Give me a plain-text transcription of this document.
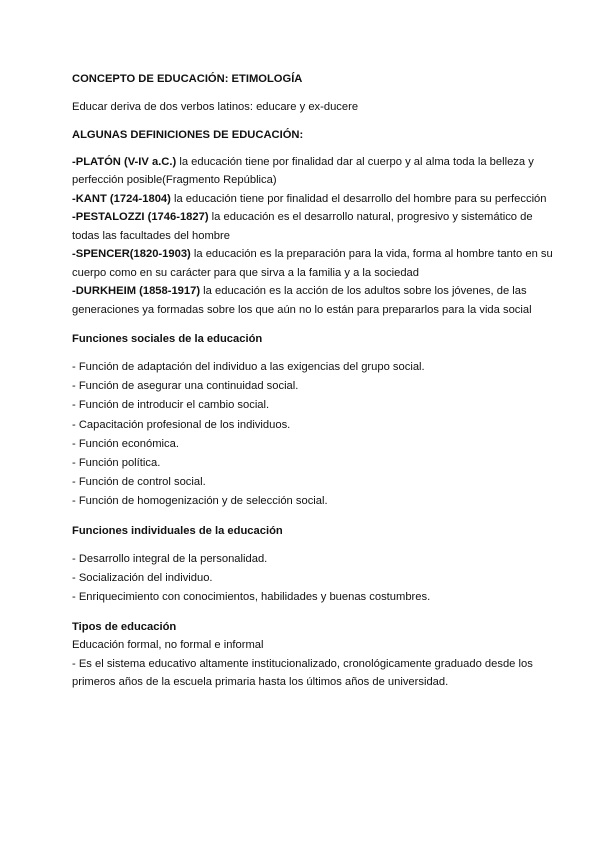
CONCEPTO DE EDUCACIÓN: ETIMOLOGÍA

Educar deriva de dos verbos latinos: educare y ex-ducere

ALGUNAS DEFINICIONES DE EDUCACIÓN:

-PLATÓN (V-IV a.C.) la educación tiene por finalidad dar al cuerpo y al alma toda la belleza y perfección posible(Fragmento República)

-KANT (1724-1804) la educación tiene por finalidad el desarrollo del hombre para su perfección

-PESTALOZZI (1746-1827) la educación es el desarrollo natural, progresivo y sistemático de todas las facultades del hombre

-SPENCER(1820-1903) la educación es la preparación para la vida, forma al hombre tanto en su cuerpo como en su carácter para que sirva a la familia y a la sociedad

-DURKHEIM (1858-1917) la educación es la acción de los adultos sobre los jóvenes, de las generaciones ya formadas sobre los que aún no lo están para prepararlos para la vida social

Funciones sociales de la educación

- Función de adaptación del individuo a las exigencias del grupo social.
- Función de asegurar una continuidad social.
- Función de introducir el cambio social.
- Capacitación profesional de los individuos.
- Función económica.
- Función política.
- Función de control social.
- Función de homogenización y de selección social.

Funciones individuales de la educación

- Desarrollo integral de la personalidad.
- Socialización del individuo.
- Enriquecimiento con conocimientos, habilidades y buenas costumbres.

Tipos de educación

Educación formal, no formal e informal

- Es el sistema educativo altamente institucionalizado, cronológicamente graduado desde los primeros años de la escuela primaria hasta los últimos años de universidad.
